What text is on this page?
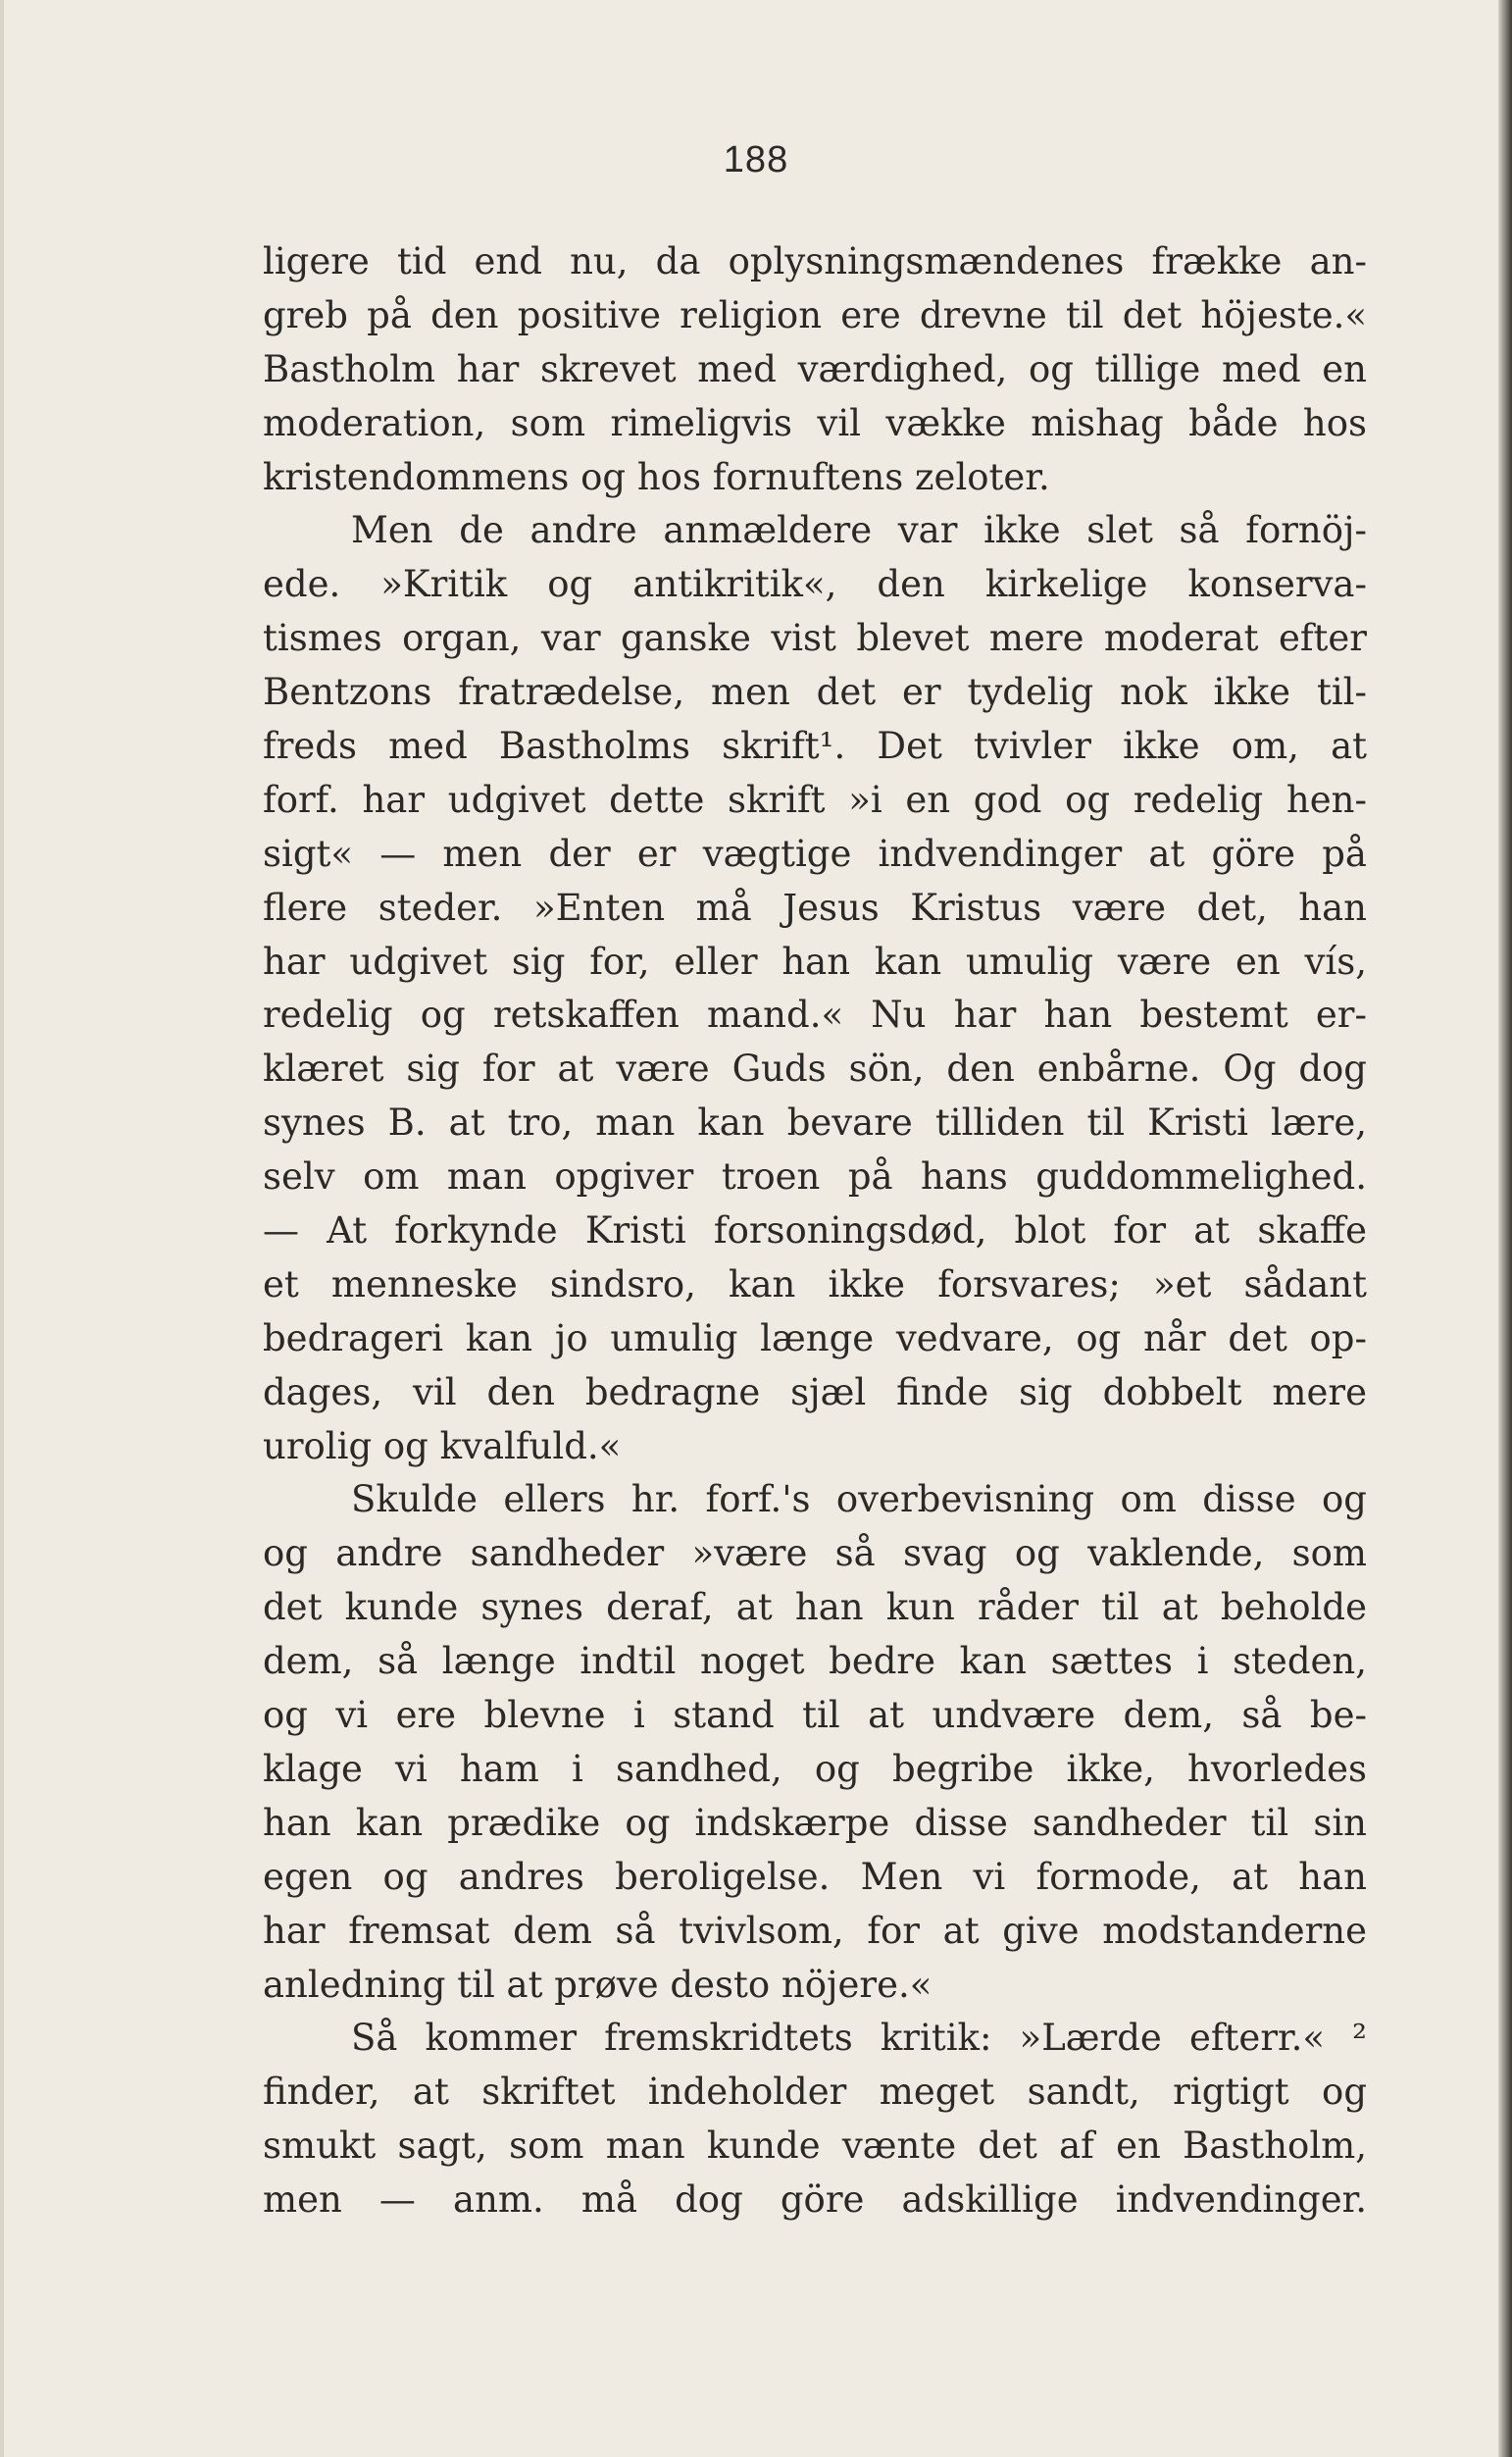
188
ligere tid end nu, da oplysningsmændenes frække an-
greb på den positive religion ere drevne til det höjeste.«
Bastholm har skrevet med værdighed, og tillige med en
moderation, som rimeligvis vil vække mishag både hos
kristendommens og hos fornuftens zeloter.
Men de andre anmældere var ikke slet så fornöj-
ede. »Kritik og antikritik«, den kirkelige konserva-
tismes organ, var ganske vist blevet mere moderat efter
Bentzons fratrædelse, men det er tydelig nok ikke til-
freds med Bastholms skrift¹. Det tvivler ikke om, at
forf. har udgivet dette skrift »i en god og redelig hen-
sigt« — men der er vægtige indvendinger at göre på
flere steder. »Enten må Jesus Kristus være det, han
har udgivet sig for, eller han kan umulig være en vís,
redelig og retskaffen mand.« Nu har han bestemt er-
klæret sig for at være Guds sön, den enbårne. Og dog
synes B. at tro, man kan bevare tilliden til Kristi lære,
selv om man opgiver troen på hans guddommelighed.
— At forkynde Kristi forsoningsdød, blot for at skaffe
et menneske sindsro, kan ikke forsvares; »et sådant
bedrageri kan jo umulig længe vedvare, og når det op-
dages, vil den bedragne sjæl finde sig dobbelt mere
urolig og kvalfuld.«
Skulde ellers hr. forf.'s overbevisning om disse og
og andre sandheder »være så svag og vaklende, som
det kunde synes deraf, at han kun råder til at beholde
dem, så længe indtil noget bedre kan sættes i steden,
og vi ere blevne i stand til at undvære dem, så be-
klage vi ham i sandhed, og begribe ikke, hvorledes
han kan prædike og indskærpe disse sandheder til sin
egen og andres beroligelse. Men vi formode, at han
har fremsat dem så tvivlsom, for at give modstanderne
anledning til at prøve desto nöjere.«
Så kommer fremskridtets kritik: »Lærde efterr.« ²
finder, at skriftet indeholder meget sandt, rigtigt og
smukt sagt, som man kunde vænte det af en Bastholm,
men — anm. må dog göre adskillige indvendinger.
